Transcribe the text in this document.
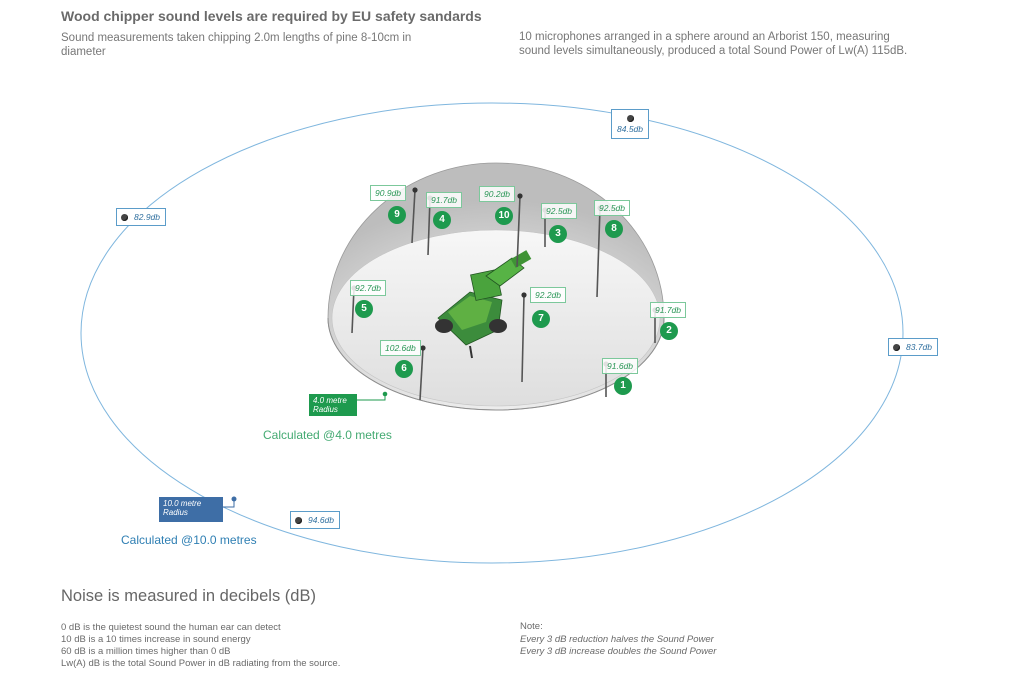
Wood chipper sound levels are required by EU safety sandards
Sound measurements taken chipping 2.0m lengths of pine 8-10cm in diameter
10 microphones arranged in a sphere around an Arborist 150, measuring sound levels simultaneously, produced a total Sound Power of Lw(A) 115dB.
91.6db
1
91.7db
2
92.5db
3
91.7db
4
92.7db
5
102.6db
6
92.2db
7
92.5db
8
90.9db
9
90.2db
10
4.0 metre Radius
Calculated @4.0 metres
10.0 metre Radius
Calculated @10.0 metres
84.5db
82.9db
83.7db
94.6db
Noise is measured in decibels (dB)
0 dB is the quietest sound the human ear can detect
10 dB is a 10 times increase in sound energy
60 dB is a million times higher than 0 dB
Lw(A) dB is the total Sound Power in dB radiating from the source.
Note:
Every 3 dB reduction halves the Sound Power
Every 3 dB increase doubles the Sound Power
